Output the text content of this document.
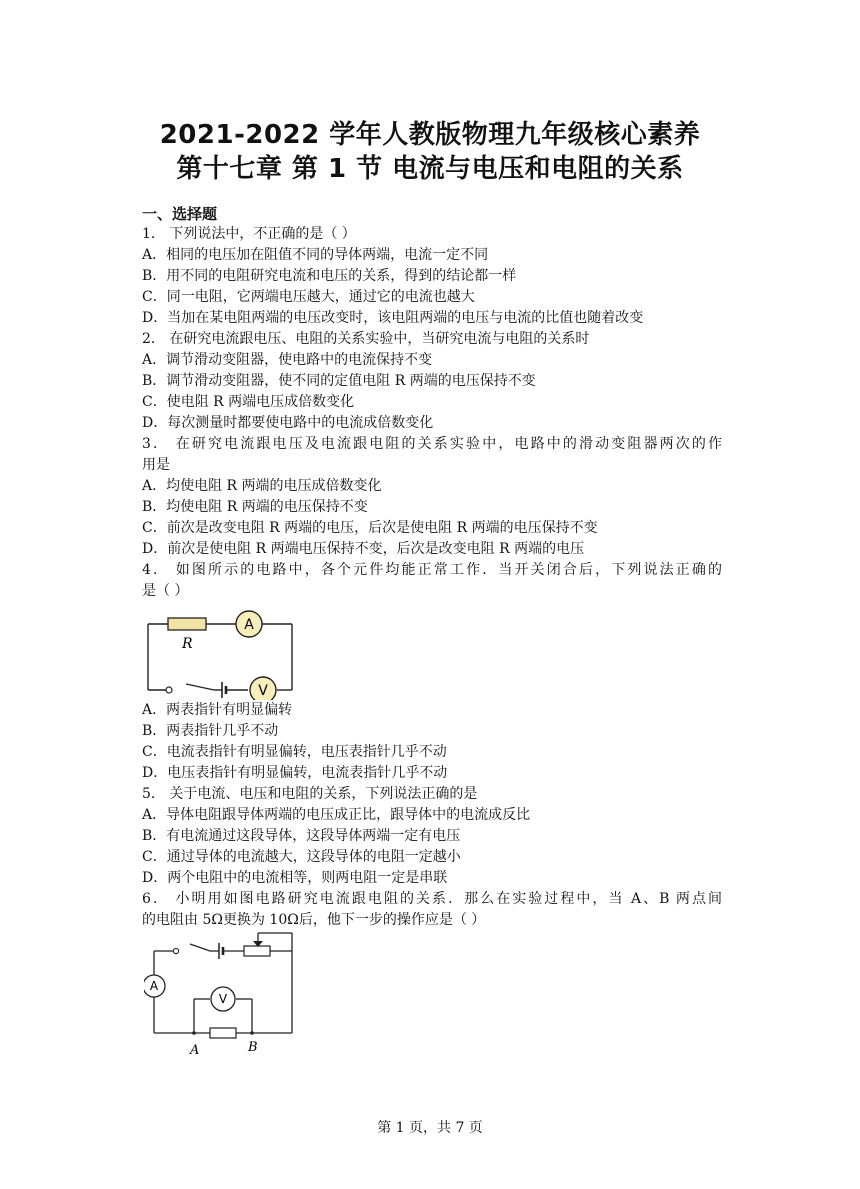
2021-2022 学年人教版物理九年级核心素养
第十七章 第 1 节 电流与电压和电阻的关系
一、选择题
1． 下列说法中，不正确的是（ ）
A．相同的电压加在阻值不同的导体两端，电流一定不同
B．用不同的电阻研究电流和电压的关系，得到的结论都一样
C．同一电阻，它两端电压越大，通过它的电流也越大
D．当加在某电阻两端的电压改变时，该电阻两端的电压与电流的比值也随着改变
2． 在研究电流跟电压、电阻的关系实验中，当研究电流与电阻的关系时
A．调节滑动变阻器，使电路中的电流保持不变
B．调节滑动变阻器，使不同的定值电阻 R 两端的电压保持不变
C．使电阻 R 两端电压成倍数变化
D．每次测量时都要使电路中的电流成倍数变化
3． 在研究电流跟电压及电流跟电阻的关系实验中，电路中的滑动变阻器两次的作
用是
A．均使电阻 R 两端的电压成倍数变化
B．均使电阻 R 两端的电压保持不变
C．前次是改变电阻 R 两端的电压，后次是使电阻 R 两端的电压保持不变
D．前次是使电阻 R 两端电压保持不变，后次是改变电阻 R 两端的电压
4． 如图所示的电路中，各个元件均能正常工作．当开关闭合后，下列说法正确的
是（ ）
R
A
V
A．两表指针有明显偏转
B．两表指针几乎不动
C．电流表指针有明显偏转，电压表指针几乎不动
D．电压表指针有明显偏转，电流表指针几乎不动
5． 关于电流、电压和电阻的关系，下列说法正确的是
A．导体电阻跟导体两端的电压成正比，跟导体中的电流成反比
B．有电流通过这段导体，这段导体两端一定有电压
C．通过导体的电流越大，这段导体的电阻一定越小
D．两个电阻中的电流相等，则两电阻一定是串联
6． 小明用如图电路研究电流跟电阻的关系．那么在实验过程中，当 A、B 两点间
的电阻由 5Ω更换为 10Ω后，他下一步的操作应是（ ）
A
V
A	B
第 1 页，共 7 页
